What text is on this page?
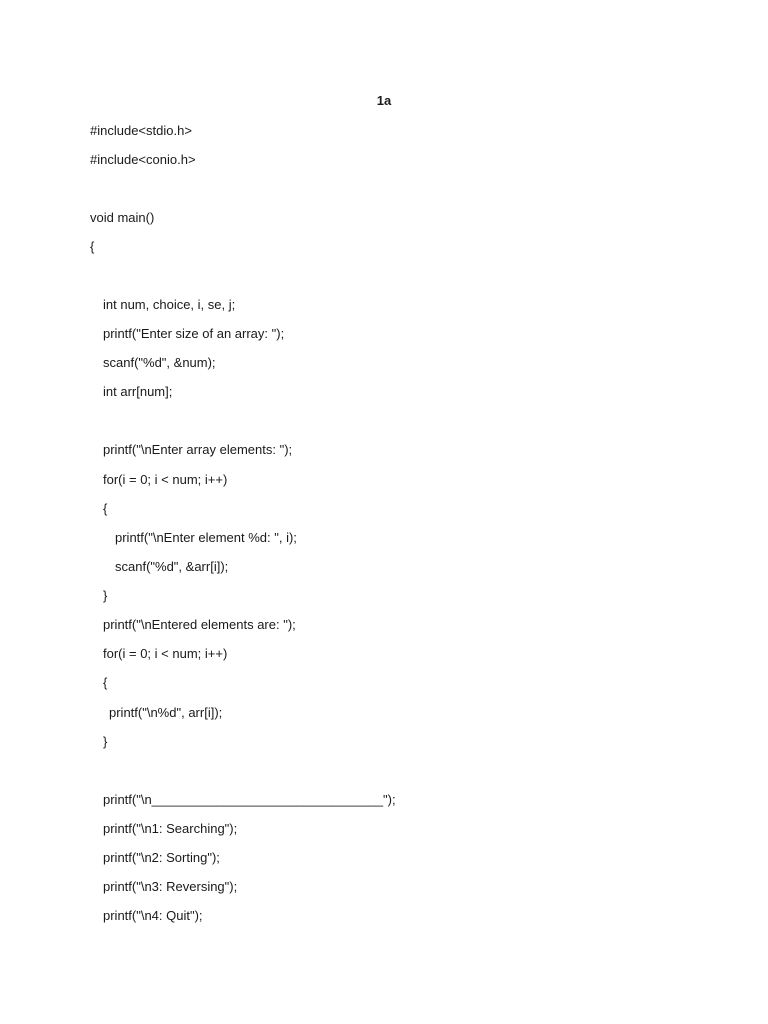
1a
#include<stdio.h>
#include<conio.h>
void main()
{
int num, choice, i, se, j;
printf("Enter size of an array: ");
scanf("%d", &num);
int arr[num];
printf("\nEnter array elements: ");
for(i = 0; i < num; i++)
{
printf("\nEnter element %d: ", i);
scanf("%d", &arr[i]);
}
printf("\nEntered elements are: ");
for(i = 0; i < num; i++)
{
printf("\n%d", arr[i]);
}
printf("\n________________________________");
printf("\n1: Searching");
printf("\n2: Sorting");
printf("\n3: Reversing");
printf("\n4: Quit");
